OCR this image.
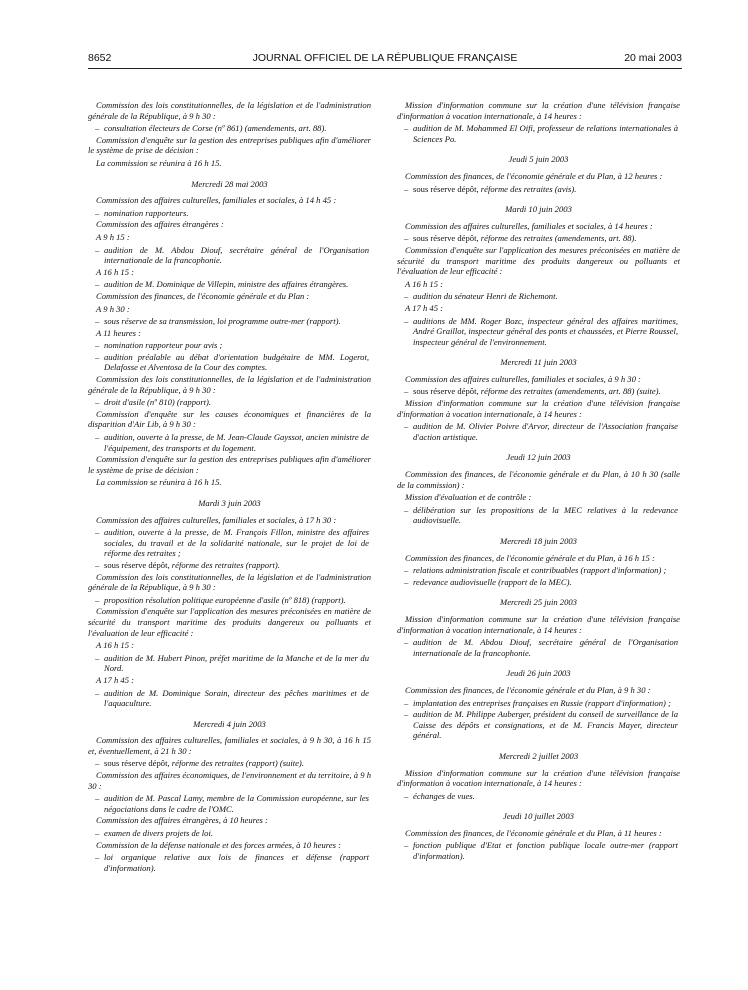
8652	JOURNAL OFFICIEL DE LA RÉPUBLIQUE FRANÇAISE	20 mai 2003
Commission des lois constitutionnelles, de la législation et de l'administration générale de la République, à 9 h 30 :
– consultation électeurs de Corse (nº 861) (amendements, art. 88).
Commission d'enquête sur la gestion des entreprises publiques afin d'améliorer le système de prise de décision :
La commission se réunira à 16 h 15.
Mercredi 28 mai 2003
Commission des affaires culturelles, familiales et sociales, à 14 h 45 :
– nomination rapporteurs.
Commission des affaires étrangères :
A 9 h 15 :
– audition de M. Abdou Diouf, secrétaire général de l'Organisation internationale de la francophonie.
A 16 h 15 :
– audition de M. Dominique de Villepin, ministre des affaires étrangères.
Commission des finances, de l'économie générale et du Plan :
A 9 h 30 :
– sous réserve de sa transmission, loi programme outre-mer (rapport).
A 11 heures :
– nomination rapporteur pour avis ;
– audition préalable au débat d'orientation budgétaire de MM. Logerot, Delafosse et Alventosa de la Cour des comptes.
Commission des lois constitutionnelles, de la législation et de l'administration générale de la République, à 9 h 30 :
– droit d'asile (nº 810) (rapport).
Commission d'enquête sur les causes économiques et financières de la disparition d'Air Lib, à 9 h 30 :
– audition, ouverte à la presse, de M. Jean-Claude Gayssot, ancien ministre de l'équipement, des transports et du logement.
Commission d'enquête sur la gestion des entreprises publiques afin d'améliorer le système de prise de décision :
La commission se réunira à 16 h 15.
Mardi 3 juin 2003
Commission des affaires culturelles, familiales et sociales, à 17 h 30 :
– audition, ouverte à la presse, de M. François Fillon, ministre des affaires sociales, du travail et de la solidarité nationale, sur le projet de loi de réforme des retraites ;
– sous réserve dépôt, réforme des retraites (rapport).
Commission des lois constitutionnelles, de la législation et de l'administration générale de la République, à 9 h 30 :
– proposition résolution politique européenne d'asile (nº 818) (rapport).
Commission d'enquête sur l'application des mesures préconisées en matière de sécurité du transport maritime des produits dangereux ou polluants et l'évaluation de leur efficacité :
A 16 h 15 :
– audition de M. Hubert Pinon, préfet maritime de la Manche et de la mer du Nord.
A 17 h 45 :
– audition de M. Dominique Sorain, directeur des pêches maritimes et de l'aquaculture.
Mercredi 4 juin 2003
Commission des affaires culturelles, familiales et sociales, à 9 h 30, à 16 h 15 et, éventuellement, à 21 h 30 :
– sous réserve dépôt, réforme des retraites (rapport) (suite).
Commission des affaires économiques, de l'environnement et du territoire, à 9 h 30 :
– audition de M. Pascal Lamy, membre de la Commission européenne, sur les négociations dans le cadre de l'OMC.
Commission des affaires étrangères, à 10 heures :
– examen de divers projets de loi.
Commission de la défense nationale et des forces armées, à 10 heures :
– loi organique relative aux lois de finances et défense (rapport d'information).
Mission d'information commune sur la création d'une télévision française d'information à vocation internationale, à 14 heures :
– audition de M. Mohammed El Oifi, professeur de relations internationales à Sciences Po.
Jeudi 5 juin 2003
Commission des finances, de l'économie générale et du Plan, à 12 heures :
– sous réserve dépôt, réforme des retraites (avis).
Mardi 10 juin 2003
Commission des affaires culturelles, familiales et sociales, à 14 heures :
– sous réserve dépôt, réforme des retraites (amendements, art. 88).
Commission d'enquête sur l'application des mesures préconisées en matière de sécurité du transport maritime des produits dangereux ou polluants et l'évaluation de leur efficacité :
A 16 h 15 :
– audition du sénateur Henri de Richemont.
A 17 h 45 :
– auditions de MM. Roger Bozc, inspecteur général des affaires maritimes, André Graillot, inspecteur général des ponts et chaussées, et Pierre Roussel, inspecteur général de l'environnement.
Mercredi 11 juin 2003
Commission des affaires culturelles, familiales et sociales, à 9 h 30 :
– sous réserve dépôt, réforme des retraites (amendements, art. 88) (suite).
Mission d'information commune sur la création d'une télévision française d'information à vocation internationale, à 14 heures :
– audition de M. Olivier Poivre d'Arvor, directeur de l'Association française d'action artistique.
Jeudi 12 juin 2003
Commission des finances, de l'économie générale et du Plan, à 10 h 30 (salle de la commission) :
Mission d'évaluation et de contrôle :
– délibération sur les propositions de la MEC relatives à la redevance audiovisuelle.
Mercredi 18 juin 2003
Commission des finances, de l'économie générale et du Plan, à 16 h 15 :
– relations administration fiscale et contribuables (rapport d'information) ;
– redevance audiovisuelle (rapport de la MEC).
Mercredi 25 juin 2003
Mission d'information commune sur la création d'une télévision française d'information à vocation internationale, à 14 heures :
– audition de M. Abdou Diouf, secrétaire général de l'Organisation internationale de la francophonie.
Jeudi 26 juin 2003
Commission des finances, de l'économie générale et du Plan, à 9 h 30 :
– implantation des entreprises françaises en Russie (rapport d'information) ;
– audition de M. Philippe Auberger, président du conseil de surveillance de la Caisse des dépôts et consignations, et de M. Francis Mayer, directeur général.
Mercredi 2 juillet 2003
Mission d'information commune sur la création d'une télévision française d'information à vocation internationale, à 14 heures :
– échanges de vues.
Jeudi 10 juillet 2003
Commission des finances, de l'économie générale et du Plan, à 11 heures :
– fonction publique d'Etat et fonction publique locale outre-mer (rapport d'information).
